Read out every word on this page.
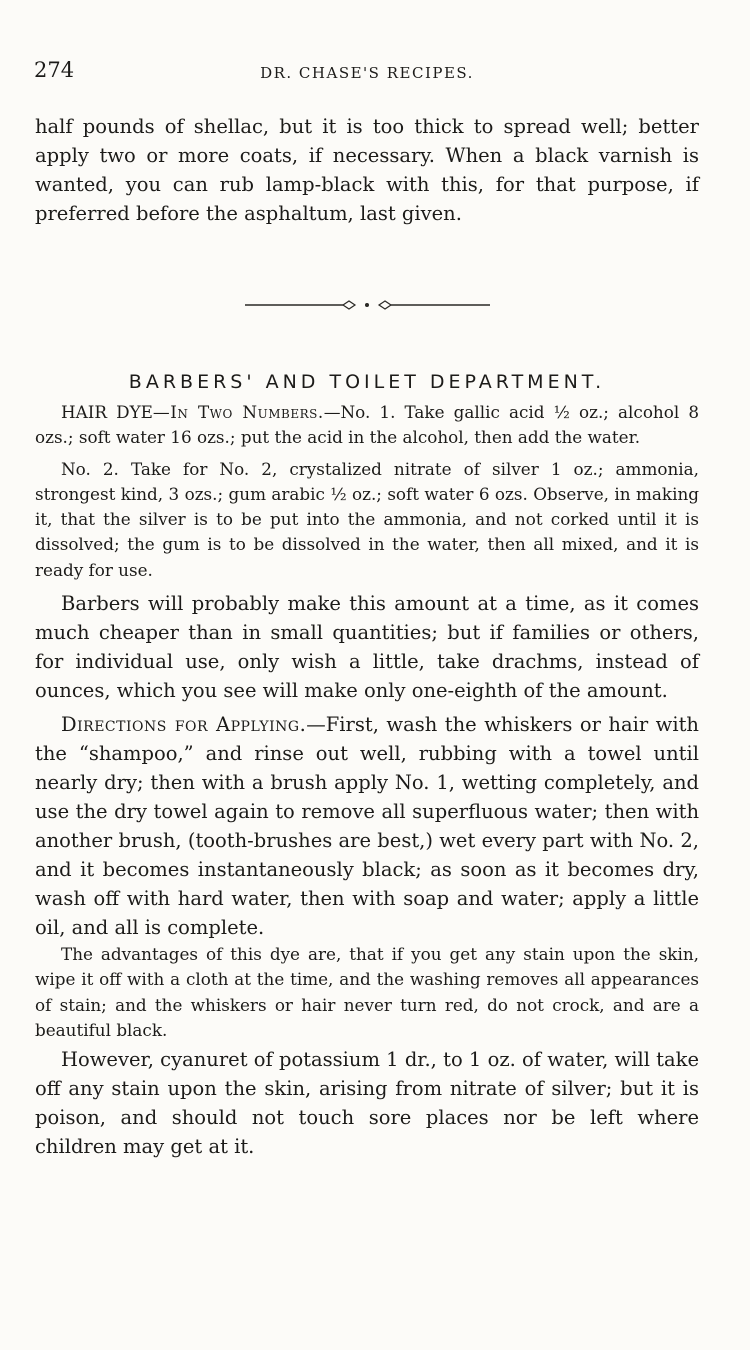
274	DR. CHASE'S RECIPES.

half pounds of shellac, but it is too thick to spread well; better apply two or more coats, if necessary. When a black varnish is wanted, you can rub lamp-black with this, for that purpose, if preferred before the asphaltum, last given.

BARBERS' AND TOILET DEPARTMENT.

HAIR DYE—In Two Numbers.—No. 1. Take gallic acid ½ oz.; alcohol 8 ozs.; soft water 16 ozs.; put the acid in the alcohol, then add the water.

No. 2. Take for No. 2, crystalized nitrate of silver 1 oz.; ammonia, strongest kind, 3 ozs.; gum arabic ½ oz.; soft water 6 ozs. Observe, in making it, that the silver is to be put into the ammonia, and not corked until it is dissolved; the gum is to be dissolved in the water, then all mixed, and it is ready for use.

Barbers will probably make this amount at a time, as it comes much cheaper than in small quantities; but if families or others, for individual use, only wish a little, take drachms, instead of ounces, which you see will make only one-eighth of the amount.

Directions for Applying.—First, wash the whiskers or hair with the “shampoo,” and rinse out well, rubbing with a towel until nearly dry; then with a brush apply No. 1, wetting completely, and use the dry towel again to remove all superfluous water; then with another brush, (tooth-brushes are best,) wet every part with No. 2, and it becomes instantaneously black; as soon as it becomes dry, wash off with hard water, then with soap and water; apply a little oil, and all is complete.

The advantages of this dye are, that if you get any stain upon the skin, wipe it off with a cloth at the time, and the washing removes all appearances of stain; and the whiskers or hair never turn red, do not crock, and are a beautiful black.

However, cyanuret of potassium 1 dr., to 1 oz. of water, will take off any stain upon the skin, arising from nitrate of silver; but it is poison, and should not touch sore places nor be left where children may get at it.
